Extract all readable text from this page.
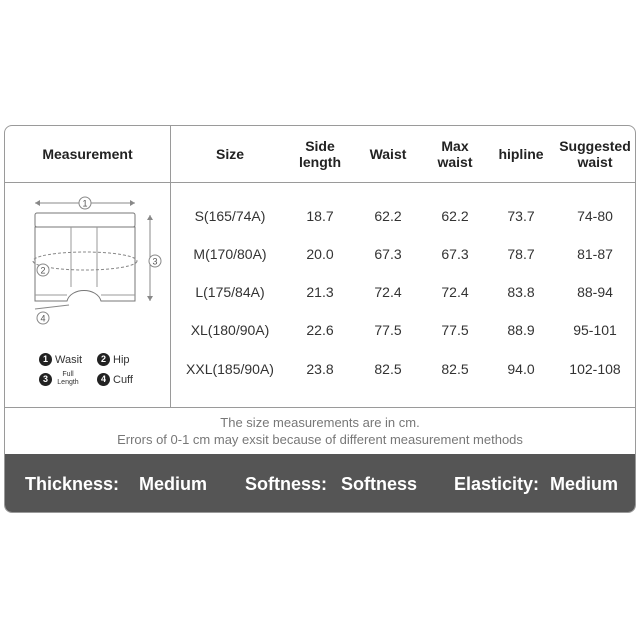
Measurement	Size	Side length	Waist	Max waist	hipline	Suggested waist
1
2
3
4
1 Wasit	2 Hip
3	Full Length	4 Cuff
S(165/74A)	18.7	62.2	62.2	73.7	74-80
M(170/80A)	20.0	67.3	67.3	78.7	81-87
L(175/84A)	21.3	72.4	72.4	83.8	88-94
XL(180/90A)	22.6	77.5	77.5	88.9	95-101
XXL(185/90A)	23.8	82.5	82.5	94.0	102-108
The size measurements are in cm.
Errors of 0-1 cm may exsit because of different measurement methods
Thickness: Medium Softness: Softness Elasticity: Medium
